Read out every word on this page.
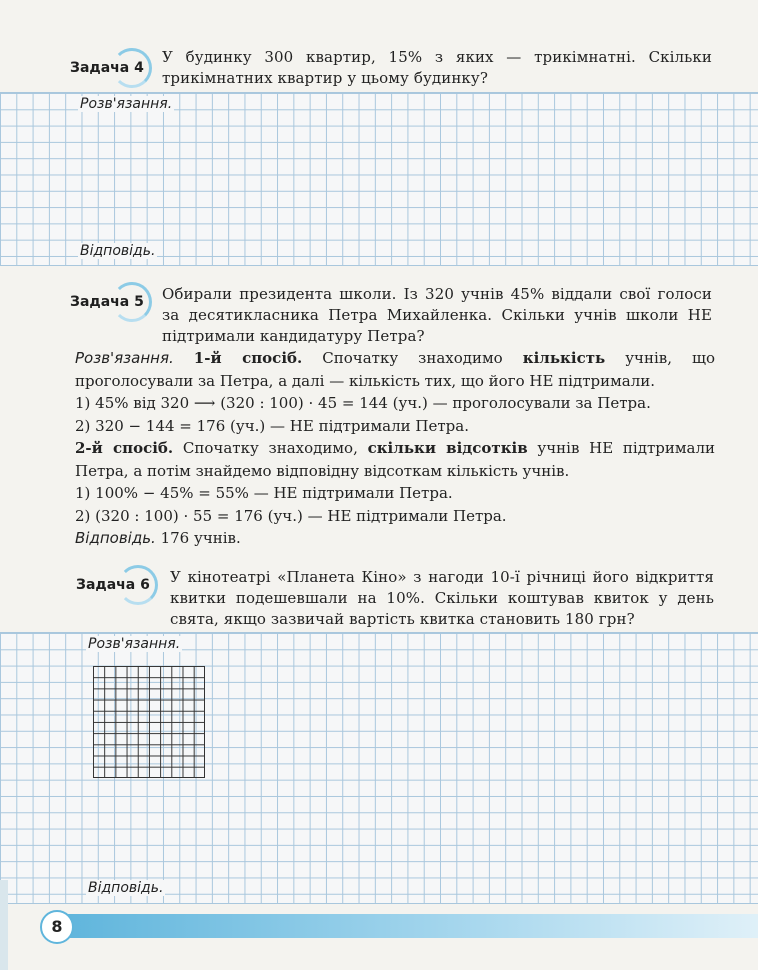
Задача 4
У будинку 300 квартир, 15% з яких — трикімнатні. Скільки трикімнатних квартир у цьому будинку?
Розв'язання.
Відповідь.
Задача 5 Обирали президента школи. Із 320 учнів 45% віддали свої голоси за десятикласника Петра Михайленка. Скільки учнів школи НЕ підтримали кандидатуру Петра?

Розв'язання. 1-й спосіб. Спочатку знаходимо кількість учнів, що проголосували за Петра, а далі — кількість тих, що його НЕ підтримали.

1) 45% від 320 ⟶ (320 : 100) · 45 = 144 (уч.) — проголосували за Петра.

2) 320 − 144 = 176 (уч.) — НЕ підтримали Петра.

2-й спосіб. Спочатку знаходимо, скільки відсотків учнів НЕ підтримали Петра, а потім знайдемо відповідну відсоткам кількість учнів.

1) 100% − 45% = 55% — НЕ підтримали Петра.

2) (320 : 100) · 55 = 176 (уч.) — НЕ підтримали Петра.

Відповідь. 176 учнів.

Задача 6 У кінотеатрі «Планета Кіно» з нагоди 10-ї річниці його відкриття квитки подешевшали на 10%. Скільки коштував квиток у день свята, якщо зазвичай вартість квитка становить 180 грн?
Розв'язання.
Відповідь.
8
